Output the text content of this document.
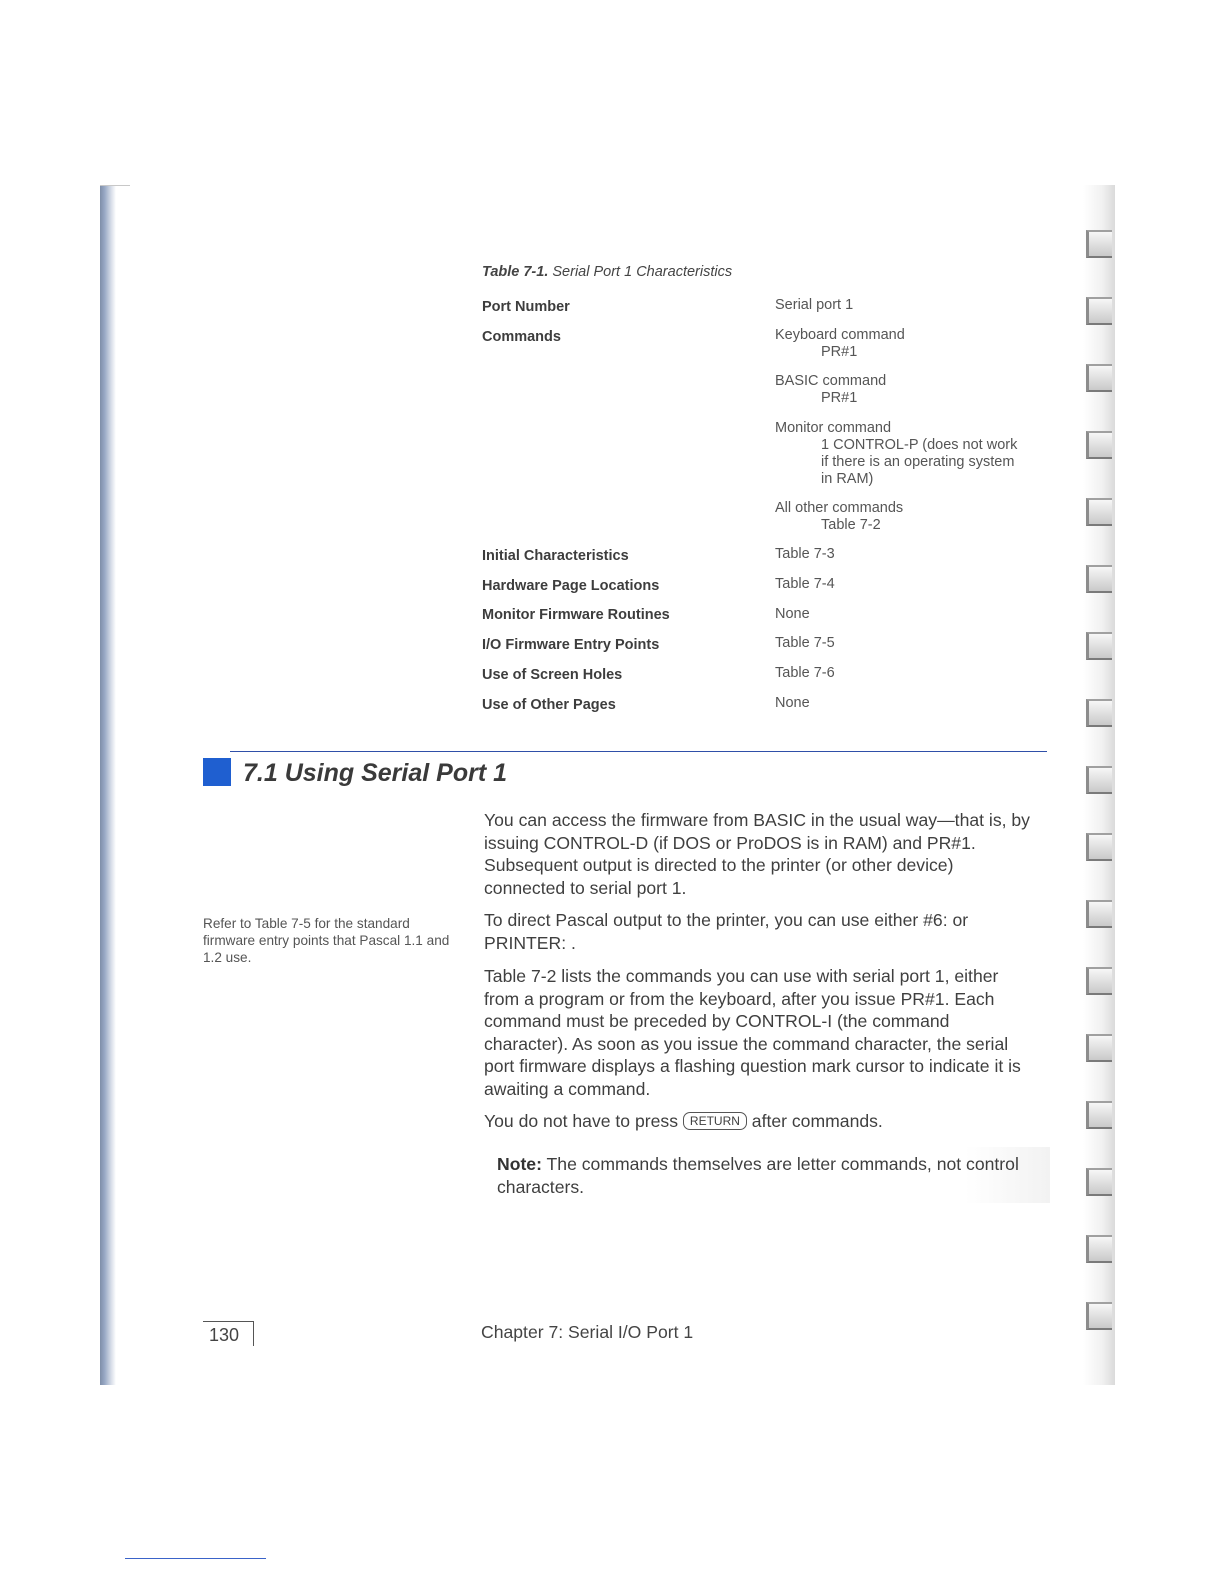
Table 7-1. Serial Port 1 Characteristics
Port Number	Serial port 1
Commands	Keyboard command
PR#1
BASIC command
PR#1
Monitor command
1 CONTROL-P (does not work
if there is an operating system
in RAM)
All other commands
Table 7-2
Initial Characteristics	Table 7-3
Hardware Page Locations	Table 7-4
Monitor Firmware Routines	None
I/O Firmware Entry Points	Table 7-5
Use of Screen Holes	Table 7-6
Use of Other Pages	None
7.1 Using Serial Port 1
You can access the firmware from BASIC in the usual way—that is, by issuing CONTROL-D (if DOS or ProDOS is in RAM) and PR#1. Subsequent output is directed to the printer (or other device) connected to serial port 1.
To direct Pascal output to the printer, you can use either #6: or PRINTER: .
Table 7-2 lists the commands you can use with serial port 1, either from a program or from the keyboard, after you issue PR#1. Each command must be preceded by CONTROL-I (the command character). As soon as you issue the command character, the serial port firmware displays a flashing question mark cursor to indicate it is awaiting a command.
You do not have to press RETURN after commands.
Refer to Table 7-5 for the standard firmware entry points that Pascal 1.1 and 1.2 use.
Note: The commands themselves are letter commands, not control characters.
130	Chapter 7: Serial I/O Port 1
